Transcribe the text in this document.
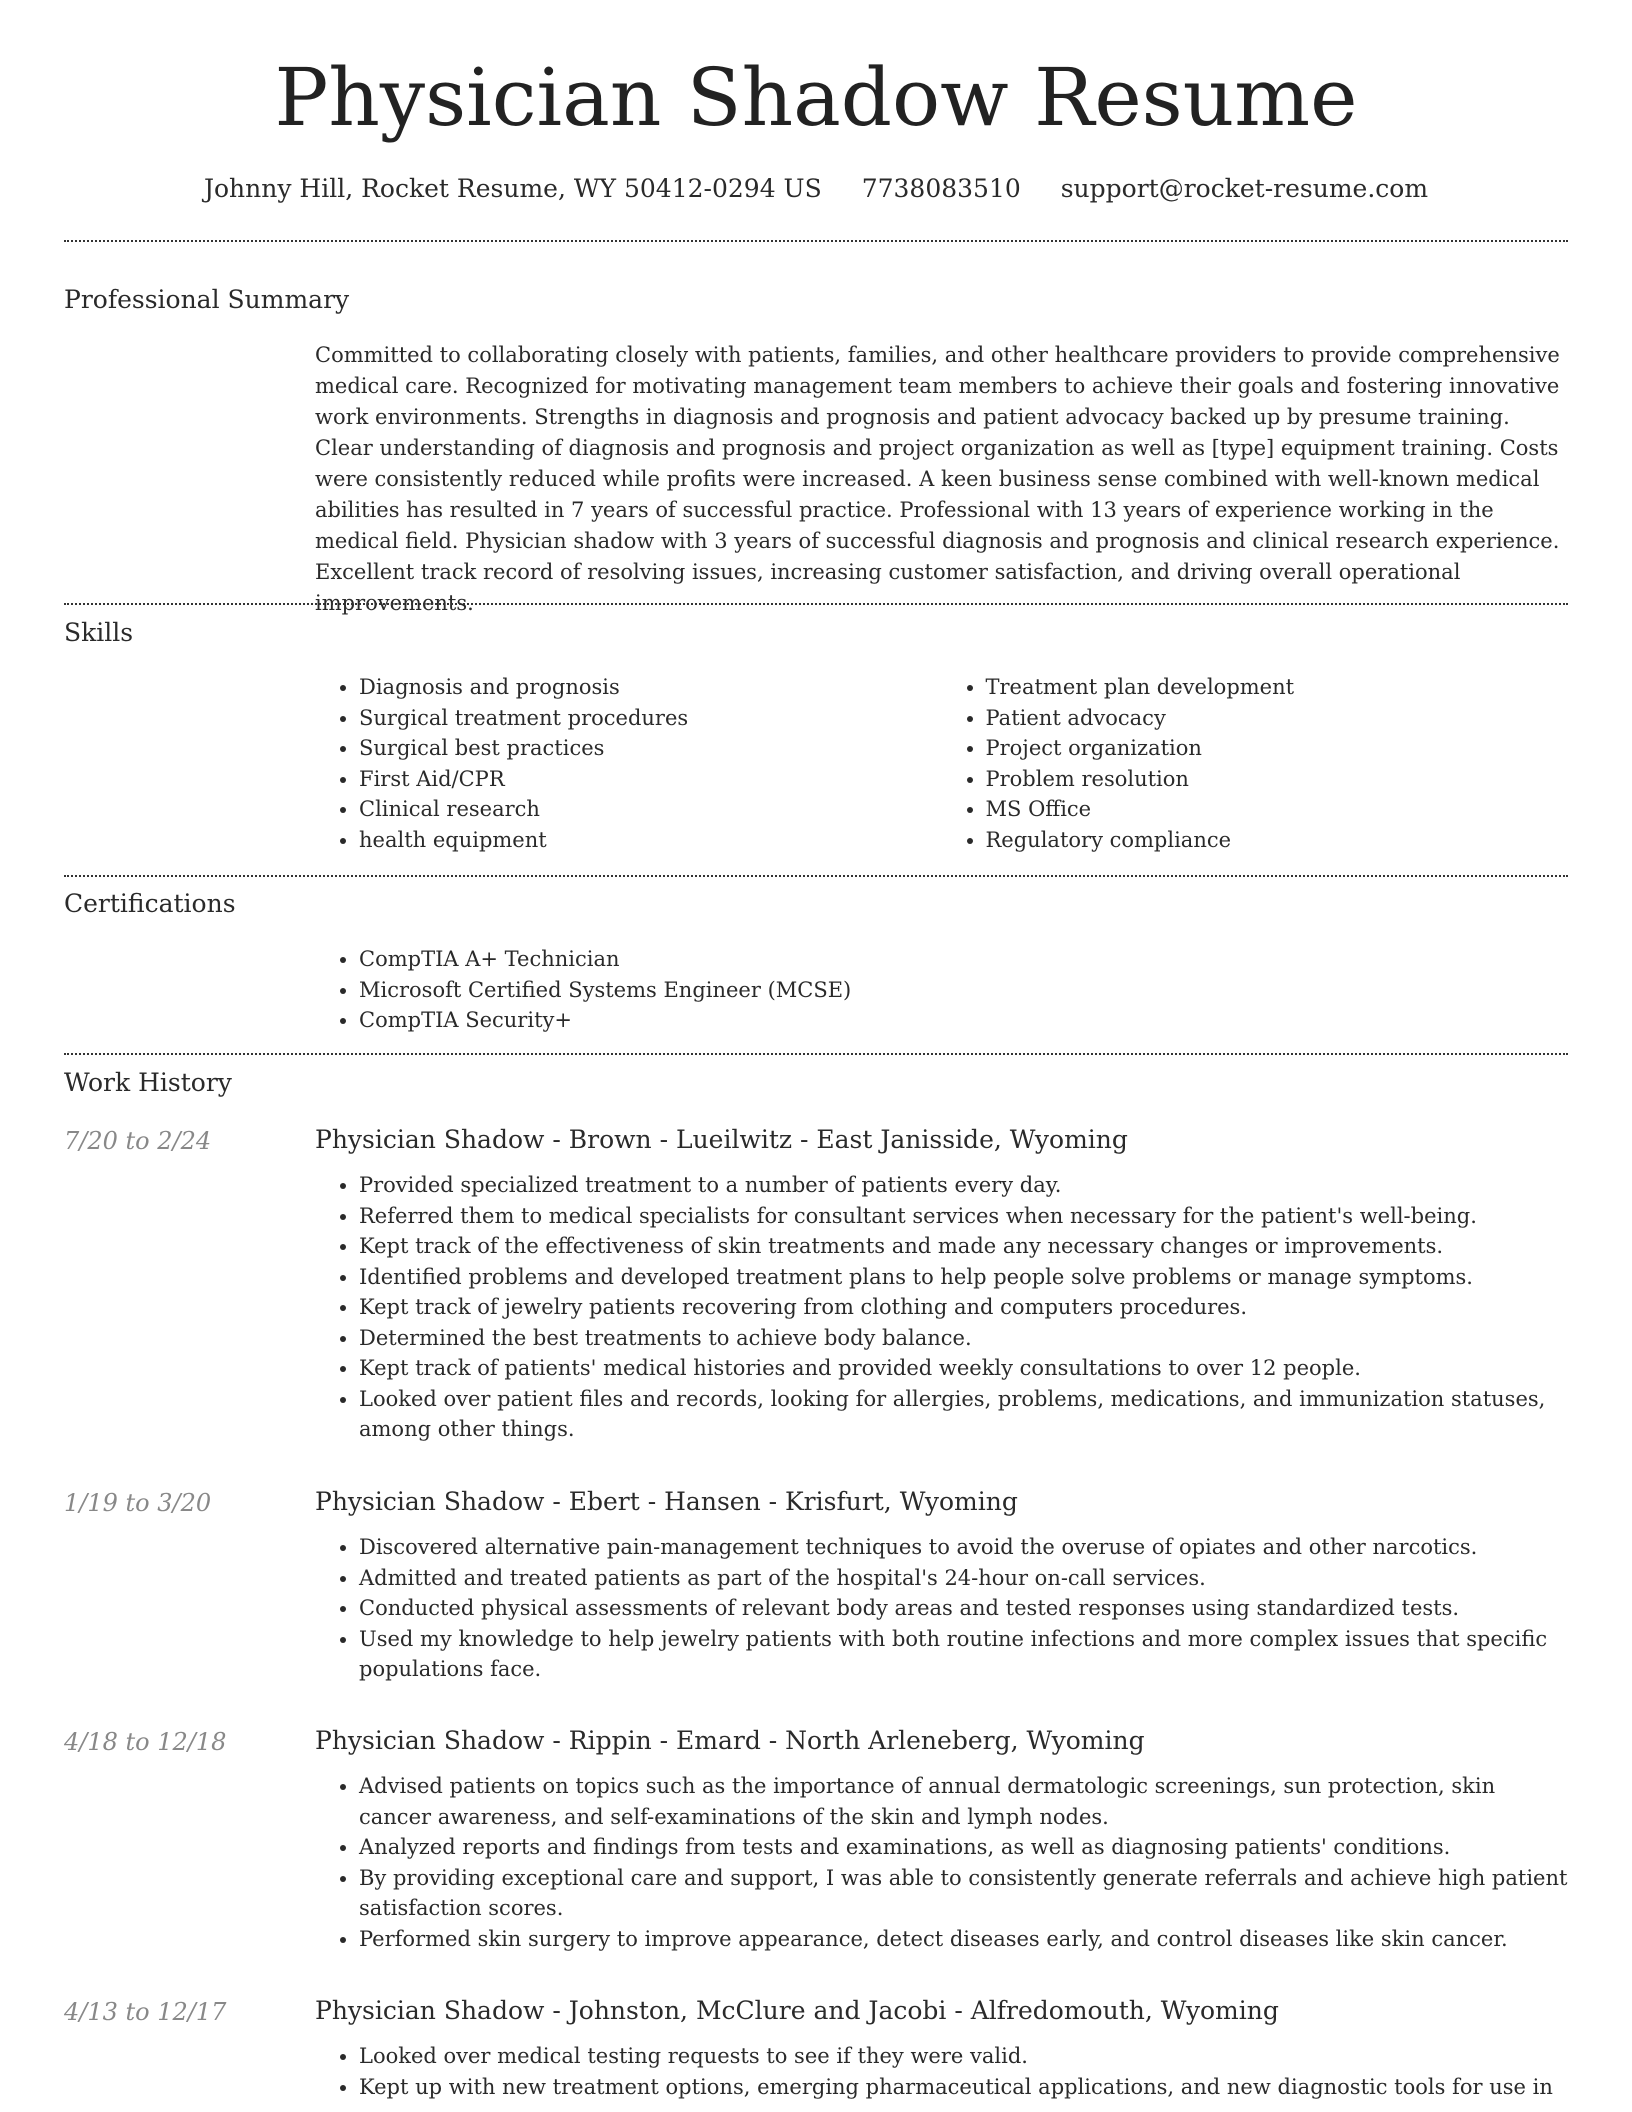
Physician Shadow Resume
Johnny Hill, Rocket Resume, WY 50412-0294 US 7738083510 support@rocket-resume.com
Professional Summary

Committed to collaborating closely with patients, families, and other healthcare providers to provide comprehensive medical care. Recognized for motivating management team members to achieve their goals and fostering innovative work environments. Strengths in diagnosis and prognosis and patient advocacy backed up by presume training. Clear understanding of diagnosis and prognosis and project organization as well as [type] equipment training. Costs were consistently reduced while profits were increased. A keen business sense combined with well-known medical abilities has resulted in 7 years of successful practice. Professional with 13 years of experience working in the medical field. Physician shadow with 3 years of successful diagnosis and prognosis and clinical research experience. Excellent track record of resolving issues, increasing customer satisfaction, and driving overall operational improvements.

Skills
• Diagnosis and prognosis
• Surgical treatment procedures
• Surgical best practices
• First Aid/CPR
• Clinical research
• health equipment
• Treatment plan development
• Patient advocacy
• Project organization
• Problem resolution
• MS Office
• Regulatory compliance
Certifications
• CompTIA A+ Technician
• Microsoft Certified Systems Engineer (MCSE)
• CompTIA Security+
Work History
7/20 to 2/24	Physician Shadow - Brown - Lueilwitz - East Janisside, Wyoming
• Provided specialized treatment to a number of patients every day.
• Referred them to medical specialists for consultant services when necessary for the patient's well-being.
• Kept track of the effectiveness of skin treatments and made any necessary changes or improvements.
• Identified problems and developed treatment plans to help people solve problems or manage symptoms.
• Kept track of jewelry patients recovering from clothing and computers procedures.
• Determined the best treatments to achieve body balance.
• Kept track of patients' medical histories and provided weekly consultations to over 12 people.
• Looked over patient files and records, looking for allergies, problems, medications, and immunization statuses, among other things.
1/19 to 3/20	Physician Shadow - Ebert - Hansen - Krisfurt, Wyoming
• Discovered alternative pain-management techniques to avoid the overuse of opiates and other narcotics.
• Admitted and treated patients as part of the hospital's 24-hour on-call services.
• Conducted physical assessments of relevant body areas and tested responses using standardized tests.
• Used my knowledge to help jewelry patients with both routine infections and more complex issues that specific populations face.
4/18 to 12/18	Physician Shadow - Rippin - Emard - North Arleneberg, Wyoming
• Advised patients on topics such as the importance of annual dermatologic screenings, sun protection, skin cancer awareness, and self-examinations of the skin and lymph nodes.
• Analyzed reports and findings from tests and examinations, as well as diagnosing patients' conditions.
• By providing exceptional care and support, I was able to consistently generate referrals and achieve high patient satisfaction scores.
• Performed skin surgery to improve appearance, detect diseases early, and control diseases like skin cancer.
4/13 to 12/17	Physician Shadow - Johnston, McClure and Jacobi - Alfredomouth, Wyoming
• Looked over medical testing requests to see if they were valid.
• Kept up with new treatment options, emerging pharmaceutical applications, and new diagnostic tools for use in
